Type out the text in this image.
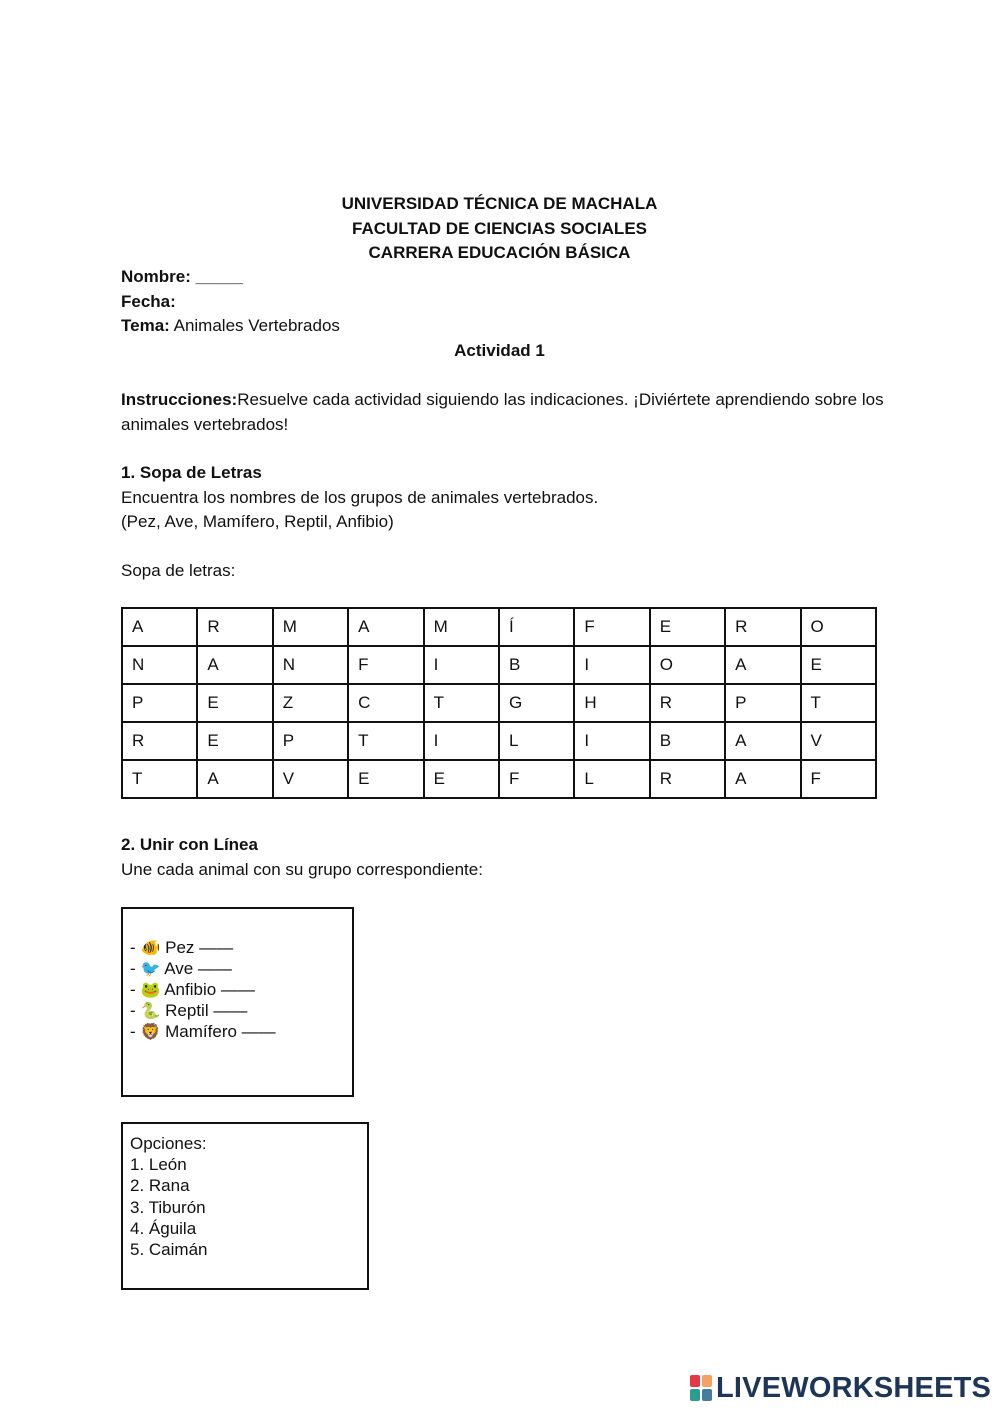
UNIVERSIDAD TÉCNICA DE MACHALA
FACULTAD DE CIENCIAS SOCIALES
CARRERA EDUCACIÓN BÁSICA
Nombre: _____
Fecha:
Tema: Animales Vertebrados
Actividad 1
Instrucciones:Resuelve cada actividad siguiendo las indicaciones. ¡Diviértete aprendiendo sobre los animales vertebrados!
1. Sopa de Letras
Encuentra los nombres de los grupos de animales vertebrados.
(Pez, Ave, Mamífero, Reptil, Anfibio)
Sopa de letras:
A	R	M	A	M	Í	F	E	R	O
N	A	N	F	I	B	I	O	A	E
P	E	Z	C	T	G	H	R	P	T
R	E	P	T	I	L	I	B	A	V
T	A	V	E	E	F	L	R	A	F
2. Unir con Línea
Une cada animal con su grupo correspondiente:
- 🐠 Pez ——
- 🐦 Ave ——
- 🐸 Anfibio ——
- 🐍 Reptil ——
- 🦁 Mamífero ——
Opciones:
1. León
2. Rana
3. Tiburón
4. Águila
5. Caimán
LIVEWORKSHEETS
